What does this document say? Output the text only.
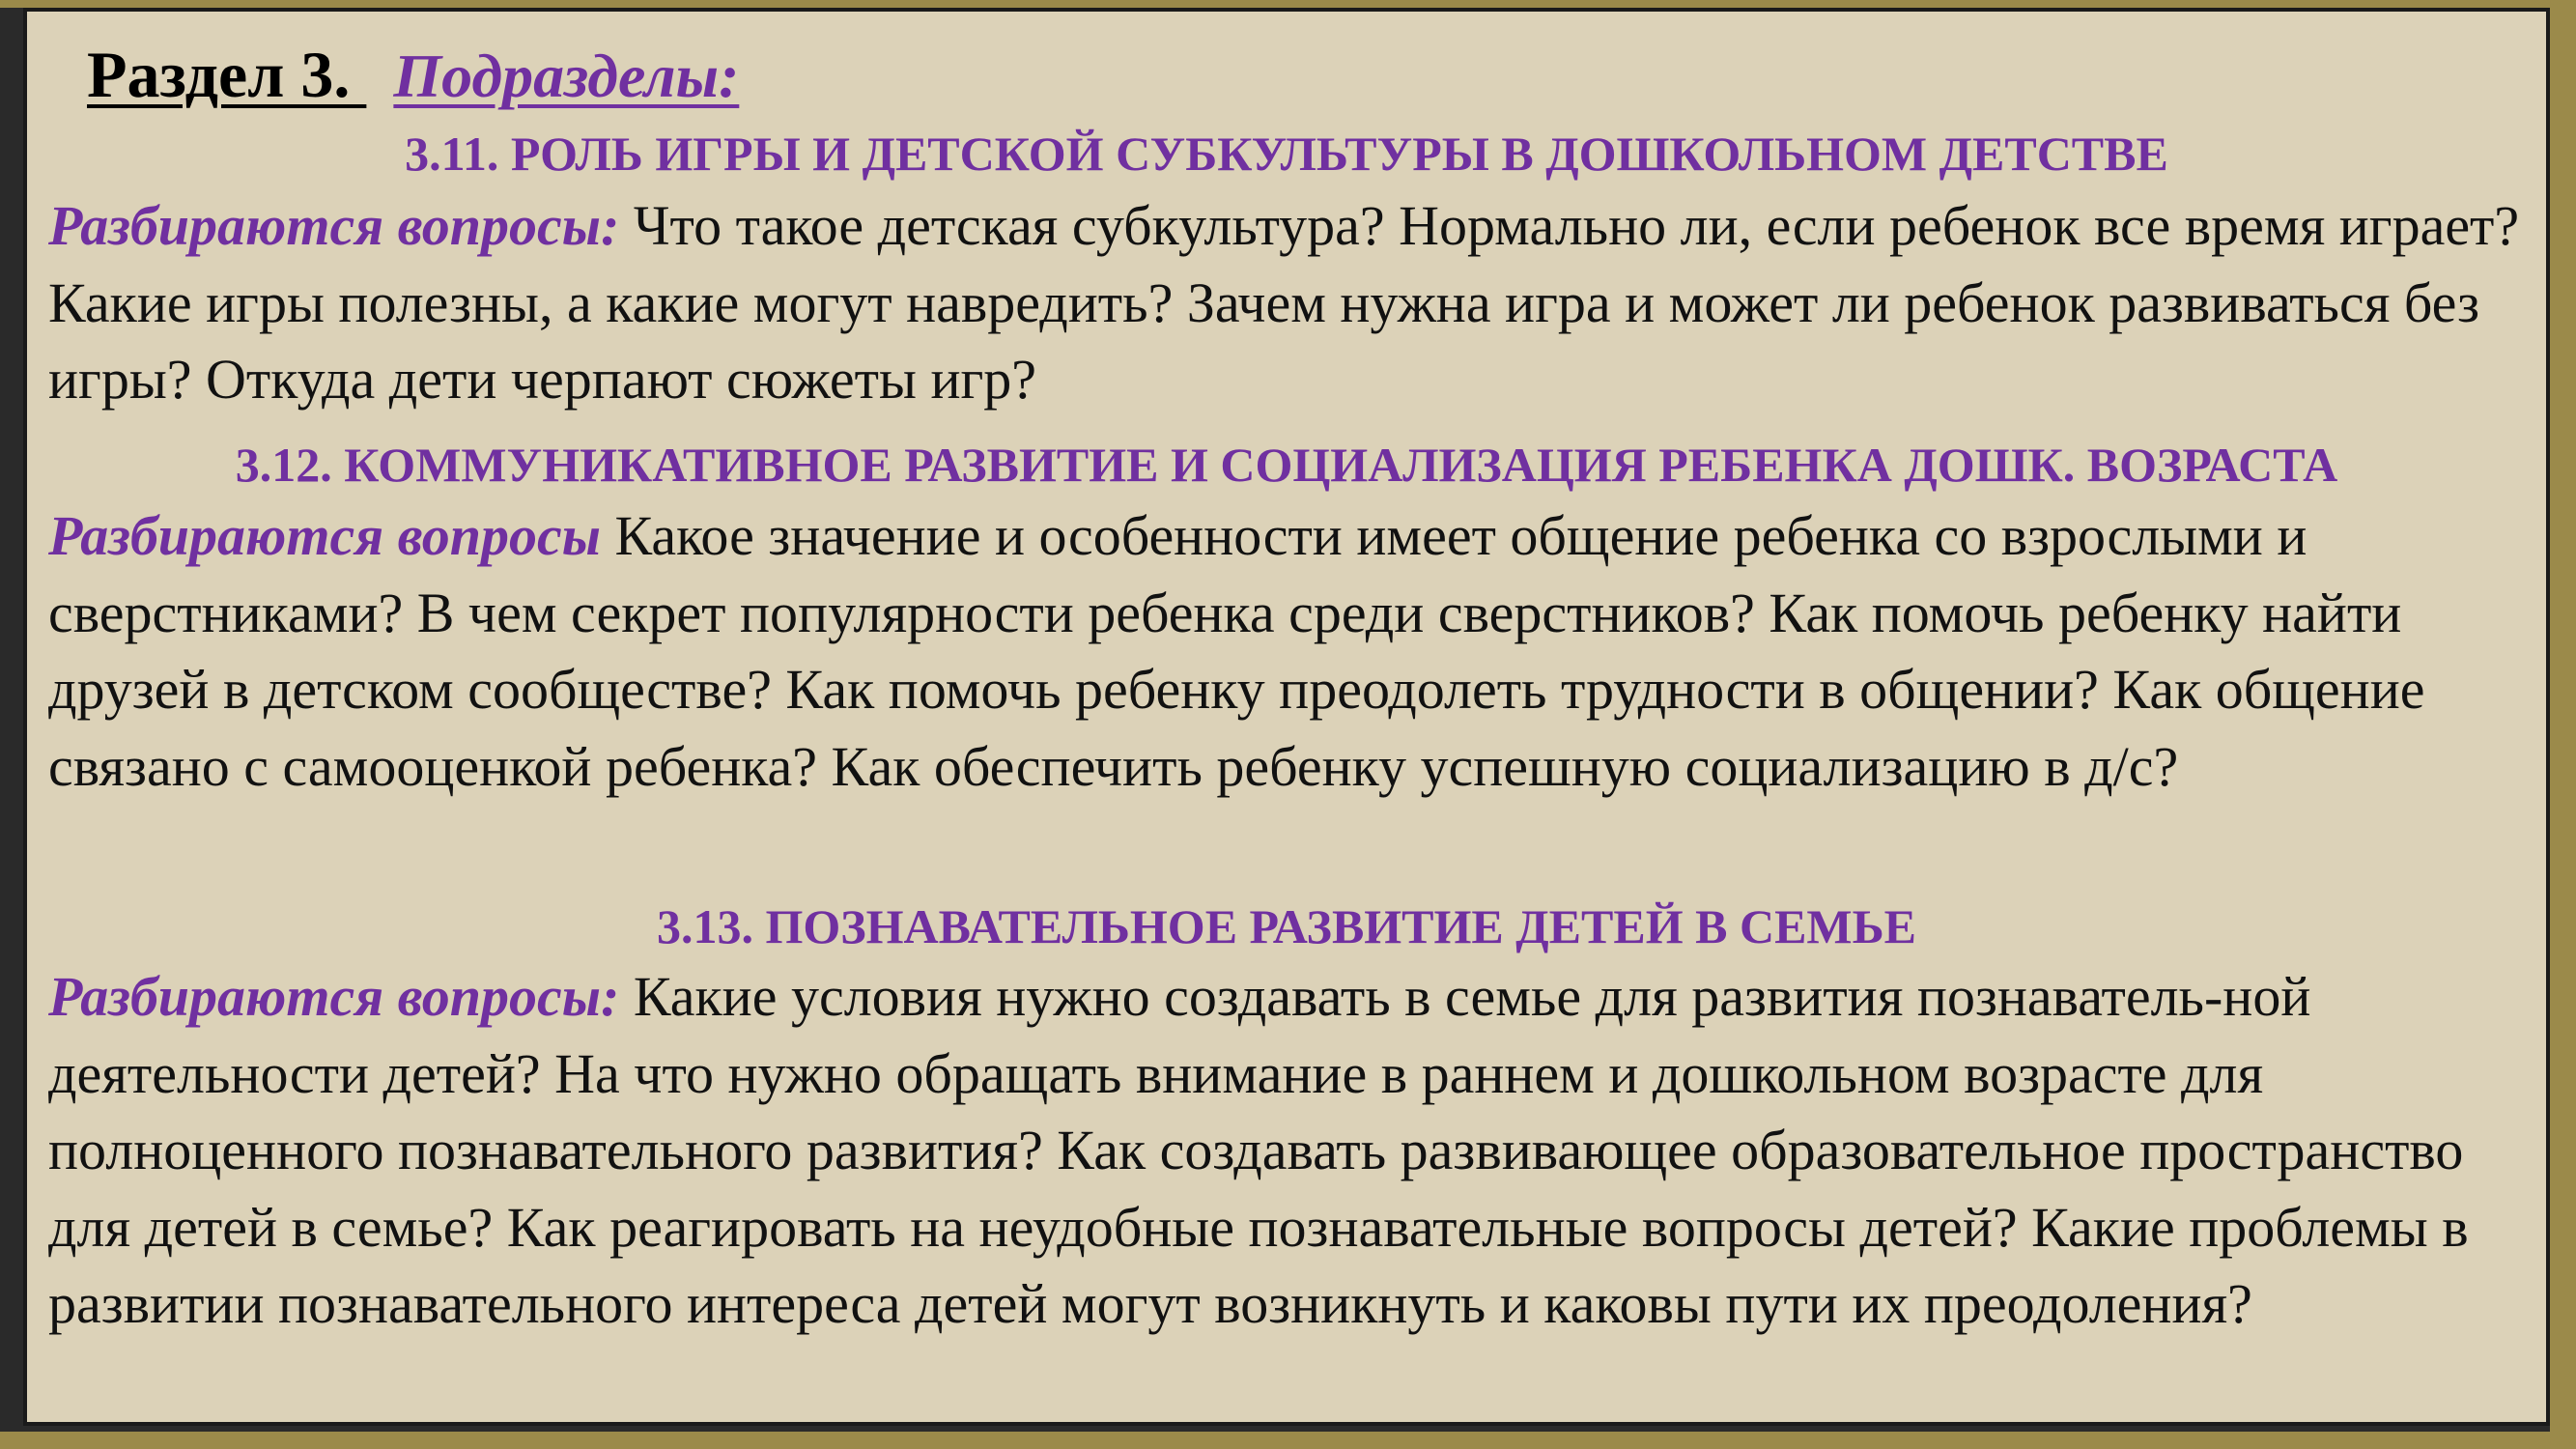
Раздел 3. Подразделы:
3.11. РОЛЬ ИГРЫ И ДЕТСКОЙ СУБКУЛЬТУРЫ В ДОШКОЛЬНОМ ДЕТСТВЕ
Разбираются вопросы: Что такое детская субкультура? Нормально ли, если ребенок все время играет? Какие игры полезны, а какие могут навредить? Зачем нужна игра и может ли ребенок развиваться без игры? Откуда дети черпают сюжеты игр?
3.12. КОММУНИКАТИВНОЕ РАЗВИТИЕ И СОЦИАЛИЗАЦИЯ РЕБЕНКА ДОШК. ВОЗРАСТА
Разбираются вопросы Какое значение и особенности имеет общение ребенка со взрослыми и сверстниками? В чем секрет популярности ребенка среди сверстников? Как помочь ребенку найти друзей в детском сообществе? Как помочь ребенку преодолеть трудности в общении? Как общение связано с самооценкой ребенка? Как обеспечить ребенку успешную социализацию в д/с?
3.13. ПОЗНАВАТЕЛЬНОЕ РАЗВИТИЕ ДЕТЕЙ В СЕМЬЕ
Разбираются вопросы: Какие условия нужно создавать в семье для развития познаватель-ной деятельности детей? На что нужно обращать внимание в раннем и дошкольном возрасте для полноценного познавательного развития? Как создавать развивающее образовательное пространство для детей в семье? Как реагировать на неудобные познавательные вопросы детей? Какие проблемы в развитии познавательного интереса детей могут возникнуть и каковы пути их преодоления?
